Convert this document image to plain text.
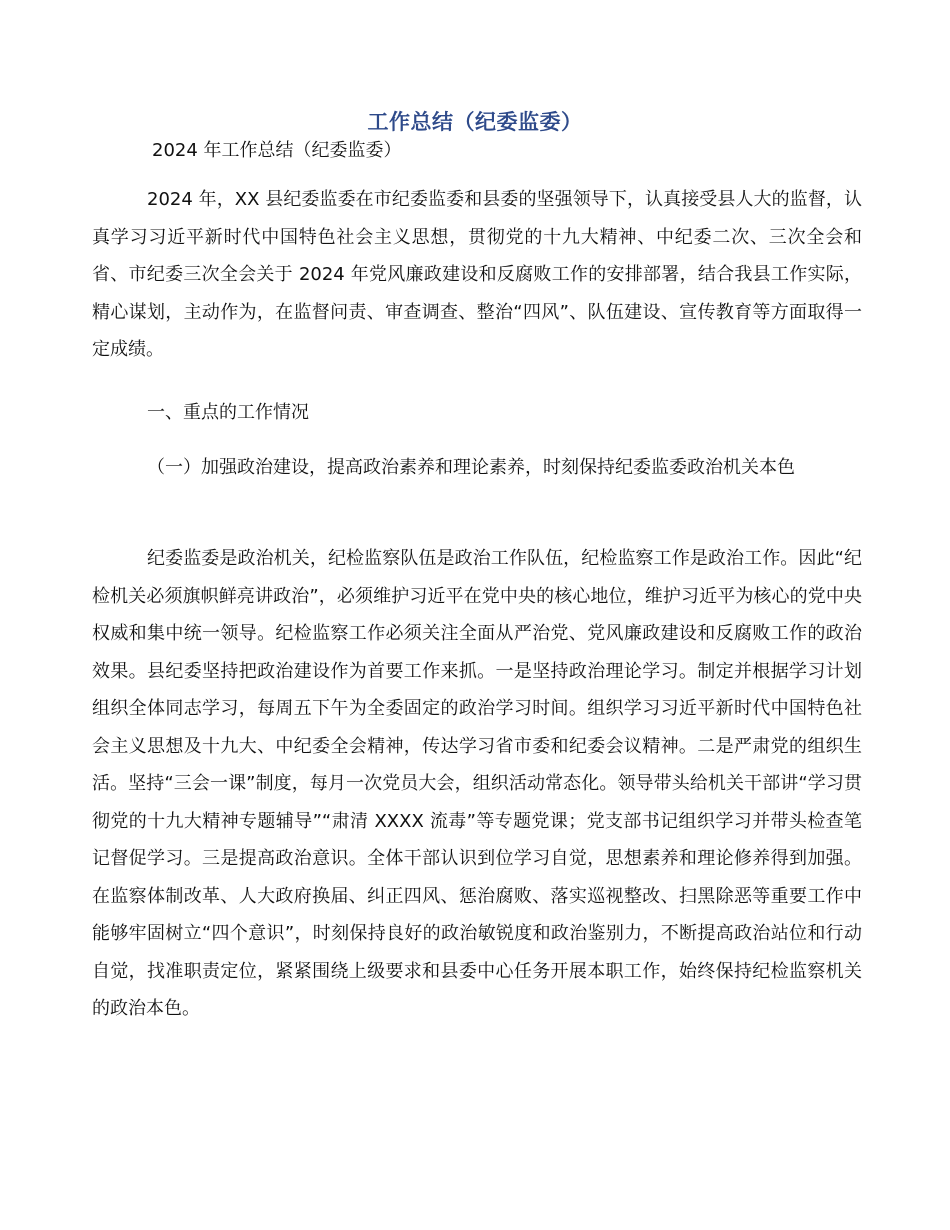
工作总结（纪委监委）
2024 年工作总结（纪委监委）
2024 年，XX 县纪委监委在市纪委监委和县委的坚强领导下，认真接受县人大的监督，认真学习习近平新时代中国特色社会主义思想，贯彻党的十九大精神、中纪委二次、三次全会和省、市纪委三次全会关于 2024 年党风廉政建设和反腐败工作的安排部署，结合我县工作实际，精心谋划，主动作为，在监督问责、审查调查、整治“四风”、队伍建设、宣传教育等方面取得一定成绩。
一、重点的工作情况
（一）加强政治建设，提高政治素养和理论素养，时刻保持纪委监委政治机关本色
纪委监委是政治机关，纪检监察队伍是政治工作队伍，纪检监察工作是政治工作。因此“纪检机关必须旗帜鲜亮讲政治”，必须维护习近平在党中央的核心地位，维护习近平为核心的党中央权威和集中统一领导。纪检监察工作必须关注全面从严治党、党风廉政建设和反腐败工作的政治效果。县纪委坚持把政治建设作为首要工作来抓。一是坚持政治理论学习。制定并根据学习计划组织全体同志学习，每周五下午为全委固定的政治学习时间。组织学习习近平新时代中国特色社会主义思想及十九大、中纪委全会精神，传达学习省市委和纪委会议精神。二是严肃党的组织生活。坚持“三会一课”制度，每月一次党员大会，组织活动常态化。领导带头给机关干部讲“学习贯彻党的十九大精神专题辅导”“肃清 XXXX 流毒”等专题党课；党支部书记组织学习并带头检查笔记督促学习。三是提高政治意识。全体干部认识到位学习自觉，思想素养和理论修养得到加强。在监察体制改革、人大政府换届、纠正四风、惩治腐败、落实巡视整改、扫黑除恶等重要工作中能够牢固树立“四个意识”，时刻保持良好的政治敏锐度和政治鉴别力，不断提高政治站位和行动自觉，找准职责定位，紧紧围绕上级要求和县委中心任务开展本职工作，始终保持纪检监察机关的政治本色。
